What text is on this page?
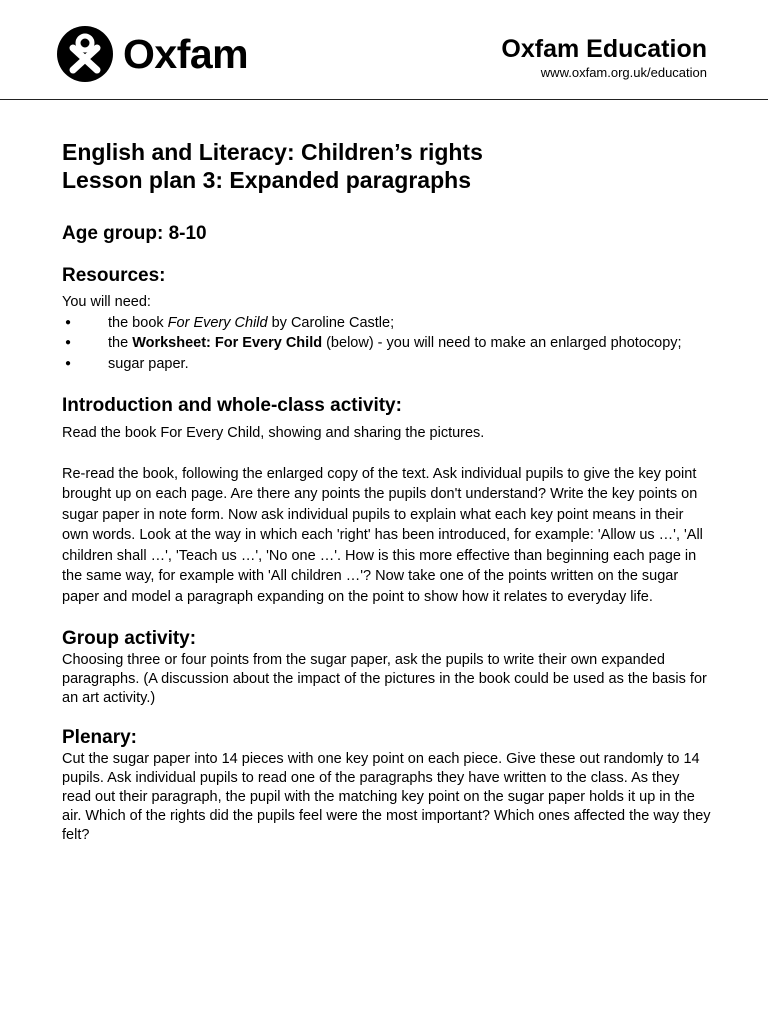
Oxfam	Oxfam Education
www.oxfam.org.uk/education
English and Literacy: Children’s rights
Lesson plan 3: Expanded paragraphs
Age group: 8-10
Resources:

You will need:

●	the book For Every Child by Caroline Castle;
●	the Worksheet: For Every Child (below) - you will need to make an enlarged photocopy;
●	sugar paper.
Introduction and whole-class activity:

Read the book For Every Child, showing and sharing the pictures.

Re-read the book, following the enlarged copy of the text. Ask individual pupils to give the key point brought up on each page. Are there any points the pupils don't understand? Write the key points on sugar paper in note form. Now ask individual pupils to explain what each key point means in their own words. Look at the way in which each 'right' has been introduced, for example: 'Allow us …', 'All children shall …', 'Teach us …', 'No one …'. How is this more effective than beginning each page in the same way, for example with 'All children …'? Now take one of the points written on the sugar paper and model a paragraph expanding on the point to show how it relates to everyday life.

Group activity:

Choosing three or four points from the sugar paper, ask the pupils to write their own expanded paragraphs. (A discussion about the impact of the pictures in the book could be used as the basis for an art activity.)

Plenary:

Cut the sugar paper into 14 pieces with one key point on each piece. Give these out randomly to 14 pupils. Ask individual pupils to read one of the paragraphs they have written to the class. As they read out their paragraph, the pupil with the matching key point on the sugar paper holds it up in the air. Which of the rights did the pupils feel were the most important? Which ones affected the way they felt?
